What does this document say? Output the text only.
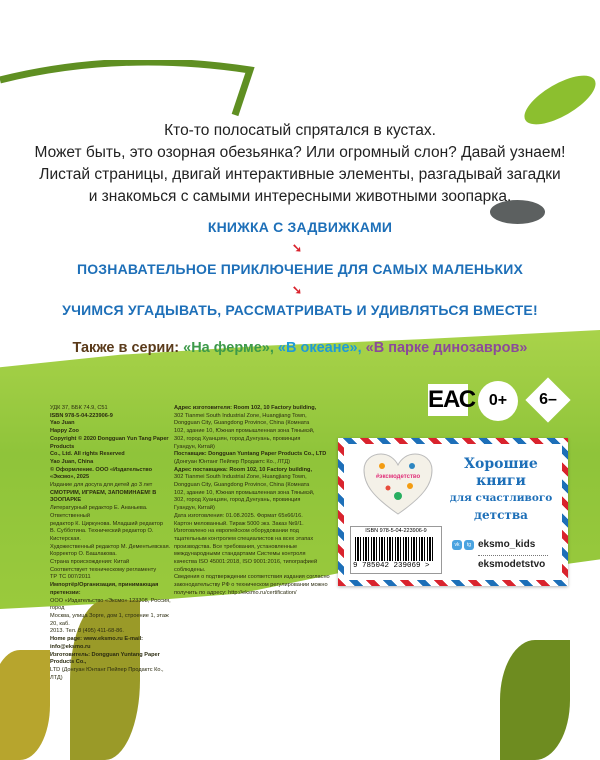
Кто-то полосатый спрятался в кустах.
Может быть, это озорная обезьянка? Или огромный слон? Давай узнаем!
Листай страницы, двигай интерактивные элементы, разгадывай загадки
и знакомься с самыми интересными животными зоопарка.
КНИЖКА С ЗАДВИЖКАМИ
➘
ПОЗНАВАТЕЛЬНОЕ ПРИКЛЮЧЕНИЕ ДЛЯ САМЫХ МАЛЕНЬКИХ
➘
УЧИМСЯ УГАДЫВАТЬ, РАССМАТРИВАТЬ И УДИВЛЯТЬСЯ ВМЕСТЕ!
Также в серии: «На ферме», «В океане», «В парке динозавров»
УДК 37, ББК 74.9, С51
ISBN 978-5-04-223906-9
Yao Juan
Happy Zoo
Copyright © 2020 Dongguan Yun Tang Paper Products
Co., Ltd. All rights Reserved
Yao Juan, China
© Оформление. ООО «Издательство «Эксмо», 2025
Издание для досуга для детей до 3 лет
СМОТРИМ, ИГРАЕМ, ЗАПОМИНАЕМ! В ЗООПАРКЕ
Литературный редактор Е. Ананьева. Ответственный
редактор К. Циркунова. Младший редактор
В. Субботина. Технический редактор О. Кистерская.
Художественный редактор М. Дементьевская.
Корректор О. Башлакова.
Страна происхождения: Китай
Соответствует техническому регламенту
ТР ТС 007/2011
Импортёр/Организация, принимающая претензии:
ООО «Издательство «Эксмо» 123308, Россия, город
Москва, улица Зорге, дом 1, строение 1, этаж 20, каб.
2013. Тел. 8 (495) 411-68-86.
Home page: www.eksmo.ru E-mail: info@eksmo.ru
Изготовитель: Dongguan Yuntang Paper Products Co.,
LTD (Донгуан Юнтанг Пейпер Продактс Ко., ЛТД)
Адрес изготовителя: Room 102, 10 Factory building,
302 Tianmei South Industrial Zone, Huangjiang Town,
Dongguan City, Guangdong Province, China (Комната
102, здание 10, Южная промышленная зона Тяньмэй,
302, город Хуанцзян, город Дунгуань, провинция
Гуандун, Китай)
Поставщик: Dongguan Yuntang Paper Products Co., LTD
(Донгуан Юнтанг Пейпер Продактс Ко., ЛТД)
Адрес поставщика: Room 102, 10 Factory building,
302 Tianmei South Industrial Zone, Huangjiang Town,
Dongguan City, Guangdong Province, China (Комната
102, здание 10, Южная промышленная зона Тяньмэй,
302, город Хуанцзян, город Дунгуань, провинция
Гуандун, Китай)
Дата изготовления: 01.08.2025. Формат 65x66/16.
Картон мелованный. Тираж 5000 экз. Заказ №9/1.
Изготовлено на европейском оборудовании под
тщательным контролем специалистов на всех этапах
производства. Все требования, установленные
международными стандартами Системы контроля
качества ISO 45001:2018, ISO 9001:2016, типографией
соблюдены.
Сведения о подтверждении соответствия издания согласно
законодательству РФ о техническом регулировании можно
получить по адресу: http://eksmo.ru/certification/
ЕАС 0+	6–
#эксмодетство
Хорошие
книги
для счастливого
детства
ISBN 978-5-04-223906-9
9 785042 239069 >
vk	tg eksmo_kids
eksmodetstvo
